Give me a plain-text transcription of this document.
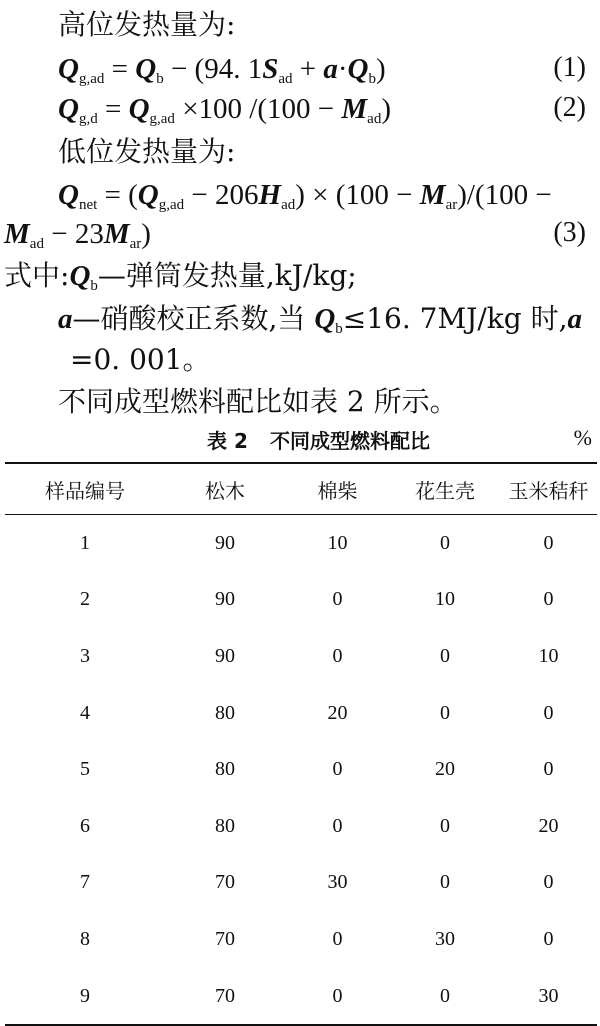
高位发热量为:
$Q_{g,ad} = Q_b - (94$. $1S_{ad} + a\cdot Q_b$)	(1)
$Q_{g,d} = Q_{g,ad} \times 100$ $/(100 - M_{ad})$	(2)
低位发热量为:
$Q_{net} = (Q_{g,ad} - 206H_{ad}) \times (100 - M_{ar})/(100$ −
$M_{ad} - 23M_{ar}$)	(3)
式中$:Q_b—$弹筒发热量,kJ/kg;
a—硝酸校正系数,当 $Q_b\le 16$. 7MJ/kg 时,a
=0. 001。
不同成型燃料配比如表 2 所示。
表 2 不同成型燃料配比	%
样品编号	松木	棉柴	花生壳	玉米秸秆
1	90	10	0	0
2	90	0	10	0
3	90	0	0	10
4	80	20	0	0
5	80	0	20	0
6	80	0	0	20
7	70	30	0	0
8	70	0	30	0
9	70	0	0	30
